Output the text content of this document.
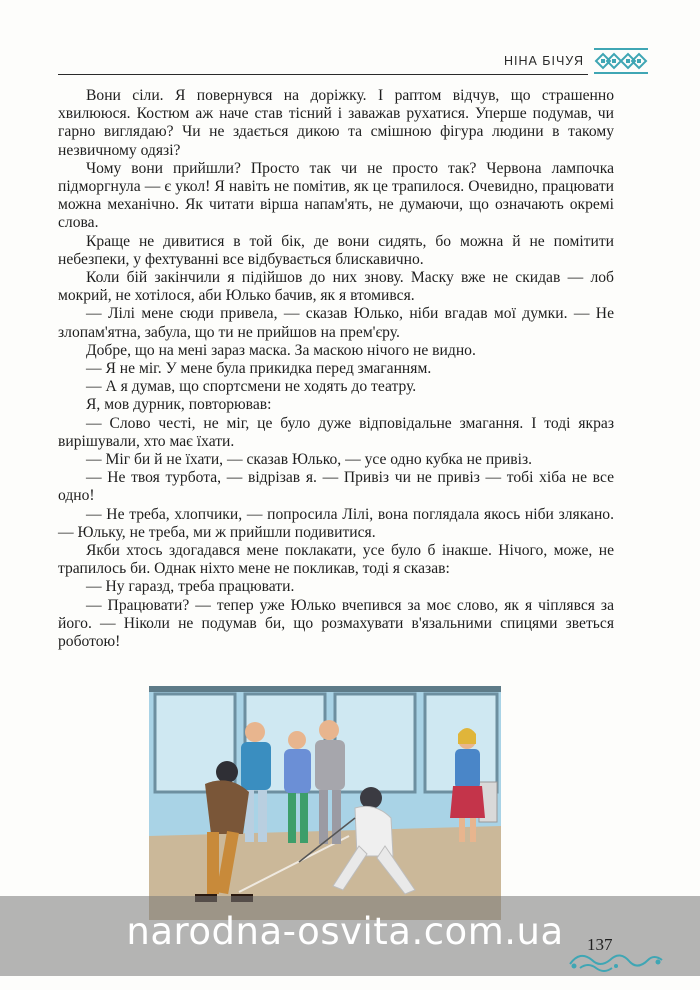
НІНА БІЧУЯ

Вони сіли. Я повернувся на доріжку. І раптом відчув, що страшенно хвилююся. Костюм аж наче став тісний і заважав рухатися. Уперше подумав, чи гарно виглядаю? Чи не здається дикою та смішною фігура людини в такому незвичному одязі?

Чому вони прийшли? Просто так чи не просто так? Червона лампочка підморгнула — є укол! Я навіть не помітив, як це трапилося. Очевидно, працювати можна механічно. Як читати вірша напам'ять, не думаючи, що означають окремі слова.

Краще не дивитися в той бік, де вони сидять, бо можна й не помітити небезпеки, у фехтуванні все відбувається блискавично.

Коли бій закінчили я підійшов до них знову. Маску вже не скидав — лоб мокрий, не хотілося, аби Юлько бачив, як я втомився.

— Лілі мене сюди привела, — сказав Юлько, ніби вгадав мої думки. — Не злопам'ятна, забула, що ти не прийшов на прем'єру.

Добре, що на мені зараз маска. За маскою нічого не видно.

— Я не міг. У мене була прикидка перед змаганням.

— А я думав, що спортсмени не ходять до театру.

Я, мов дурник, повторював:

— Слово честі, не міг, це було дуже відповідальне змагання. І тоді якраз вирішували, хто має їхати.

— Міг би й не їхати, — сказав Юлько, — усе одно кубка не привіз.

— Не твоя турбота, — відрізав я. — Привіз чи не привіз — тобі хіба не все одно!

— Не треба, хлопчики, — попросила Лілі, вона поглядала якось ніби злякано. — Юльку, не треба, ми ж прийшли подивитися.

Якби хтось здогадався мене поклакати, усе було б інакше. Нічого, може, не трапилось би. Однак ніхто мене не покликав, тоді я сказав:

— Ну гаразд, треба працювати.

— Працювати? — тепер уже Юлько вчепився за моє слово, як я чіплявся за його. — Ніколи не подумав би, що розмахувати в'язальними спицями зветься роботою!

narodna-osvita.com.ua	137
